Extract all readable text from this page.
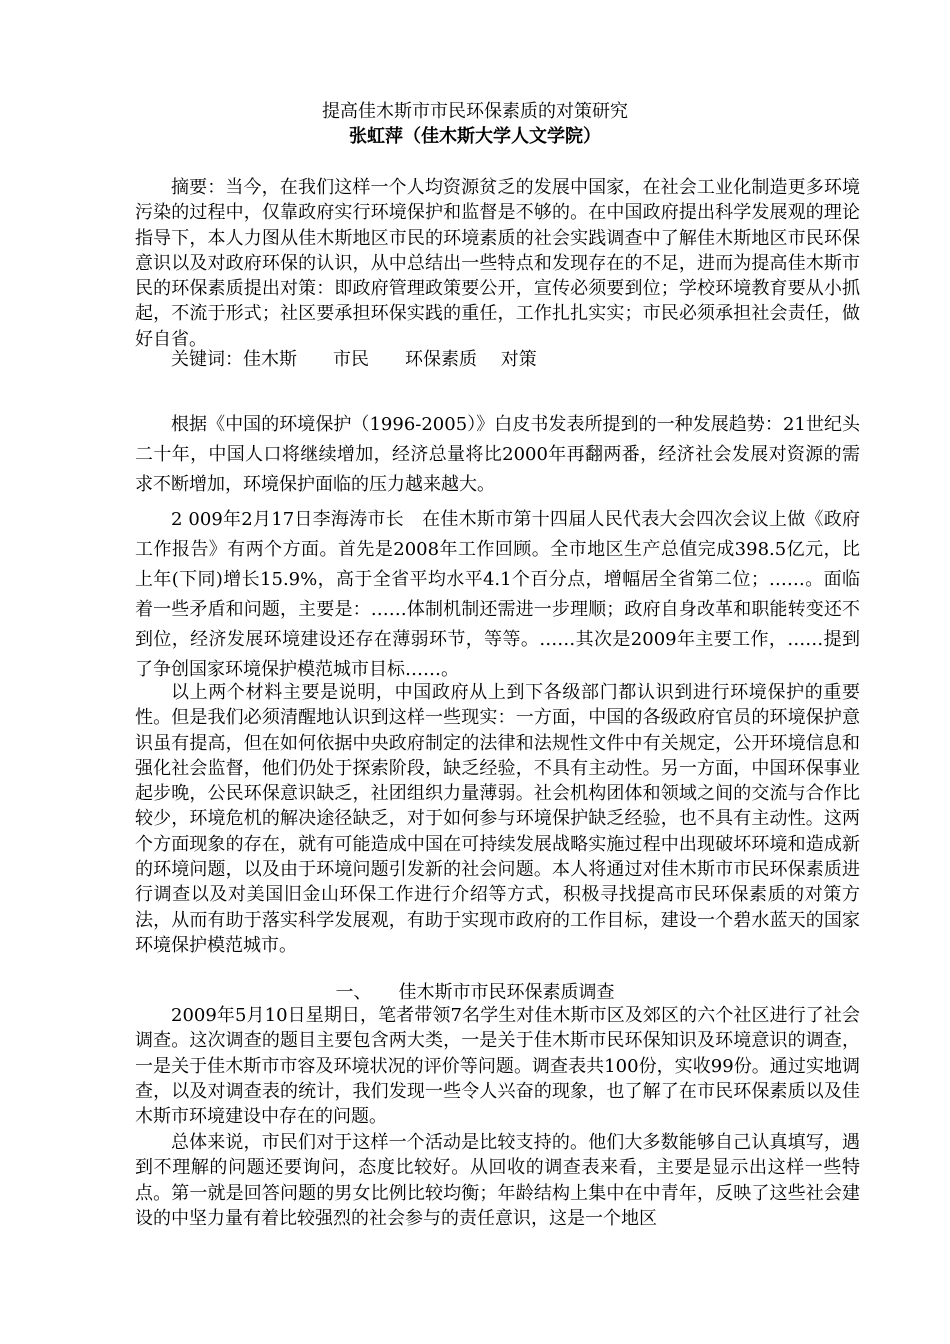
提高佳木斯市市民环保素质的对策研究
张虹萍（佳木斯大学人文学院）

摘要：当今，在我们这样一个人均资源贫乏的发展中国家，在社会工业化制造更多环境污染的过程中，仅靠政府实行环境保护和监督是不够的。在中国政府提出科学发展观的理论指导下，本人力图从佳木斯地区市民的环境素质的社会实践调查中了解佳木斯地区市民环保意识以及对政府环保的认识，从中总结出一些特点和发现存在的不足，进而为提高佳木斯市民的环保素质提出对策：即政府管理政策要公开，宣传必须要到位；学校环境教育要从小抓起，不流于形式；社区要承担环保实践的重任，工作扎扎实实；市民必须承担社会责任，做好自省。

关键词：佳木斯　　市民　　环保素质　 对策

根据《中国的环境保护（1996-2005）》白皮书发表所提到的一种发展趋势：21世纪头二十年，中国人口将继续增加，经济总量将比2000年再翻两番，经济社会发展对资源的需求不断增加，环境保护面临的压力越来越大。

2 009年2月17日李海涛市长　在佳木斯市第十四届人民代表大会四次会议上做《政府工作报告》有两个方面。首先是2008年工作回顾。全市地区生产总值完成398.5亿元，比上年(下同)增长15.9%，高于全省平均水平4.1个百分点，增幅居全省第二位；……。面临着一些矛盾和问题，主要是：……体制机制还需进一步理顺；政府自身改革和职能转变还不到位，经济发展环境建设还存在薄弱环节，等等。……其次是2009年主要工作，……提到了争创国家环境保护模范城市目标……。

以上两个材料主要是说明，中国政府从上到下各级部门都认识到进行环境保护的重要性。但是我们必须清醒地认识到这样一些现实：一方面，中国的各级政府官员的环境保护意识虽有提高，但在如何依据中央政府制定的法律和法规性文件中有关规定，公开环境信息和强化社会监督，他们仍处于探索阶段，缺乏经验，不具有主动性。另一方面，中国环保事业起步晚，公民环保意识缺乏，社团组织力量薄弱。社会机构团体和领域之间的交流与合作比较少，环境危机的解决途径缺乏，对于如何参与环境保护缺乏经验，也不具有主动性。这两个方面现象的存在，就有可能造成中国在可持续发展战略实施过程中出现破坏环境和造成新的环境问题，以及由于环境问题引发新的社会问题。本人将通过对佳木斯市市民环保素质进行调查以及对美国旧金山环保工作进行介绍等方式，积极寻找提高市民环保素质的对策方法，从而有助于落实科学发展观，有助于实现市政府的工作目标，建设一个碧水蓝天的国家环境保护模范城市。

一、　　佳木斯市市民环保素质调查

2009年5月10日星期日，笔者带领7名学生对佳木斯市区及郊区的六个社区进行了社会调查。这次调查的题目主要包含两大类，一是关于佳木斯市民环保知识及环境意识的调查，一是关于佳木斯市市容及环境状况的评价等问题。调查表共100份，实收99份。通过实地调查，以及对调查表的统计，我们发现一些令人兴奋的现象，也了解了在市民环保素质以及佳木斯市环境建设中存在的问题。

总体来说，市民们对于这样一个活动是比较支持的。他们大多数能够自己认真填写，遇到不理解的问题还要询问，态度比较好。从回收的调查表来看，主要是显示出这样一些特点。第一就是回答问题的男女比例比较均衡；年龄结构上集中在中青年，反映了这些社会建设的中坚力量有着比较强烈的社会参与的责任意识，这是一个地区
